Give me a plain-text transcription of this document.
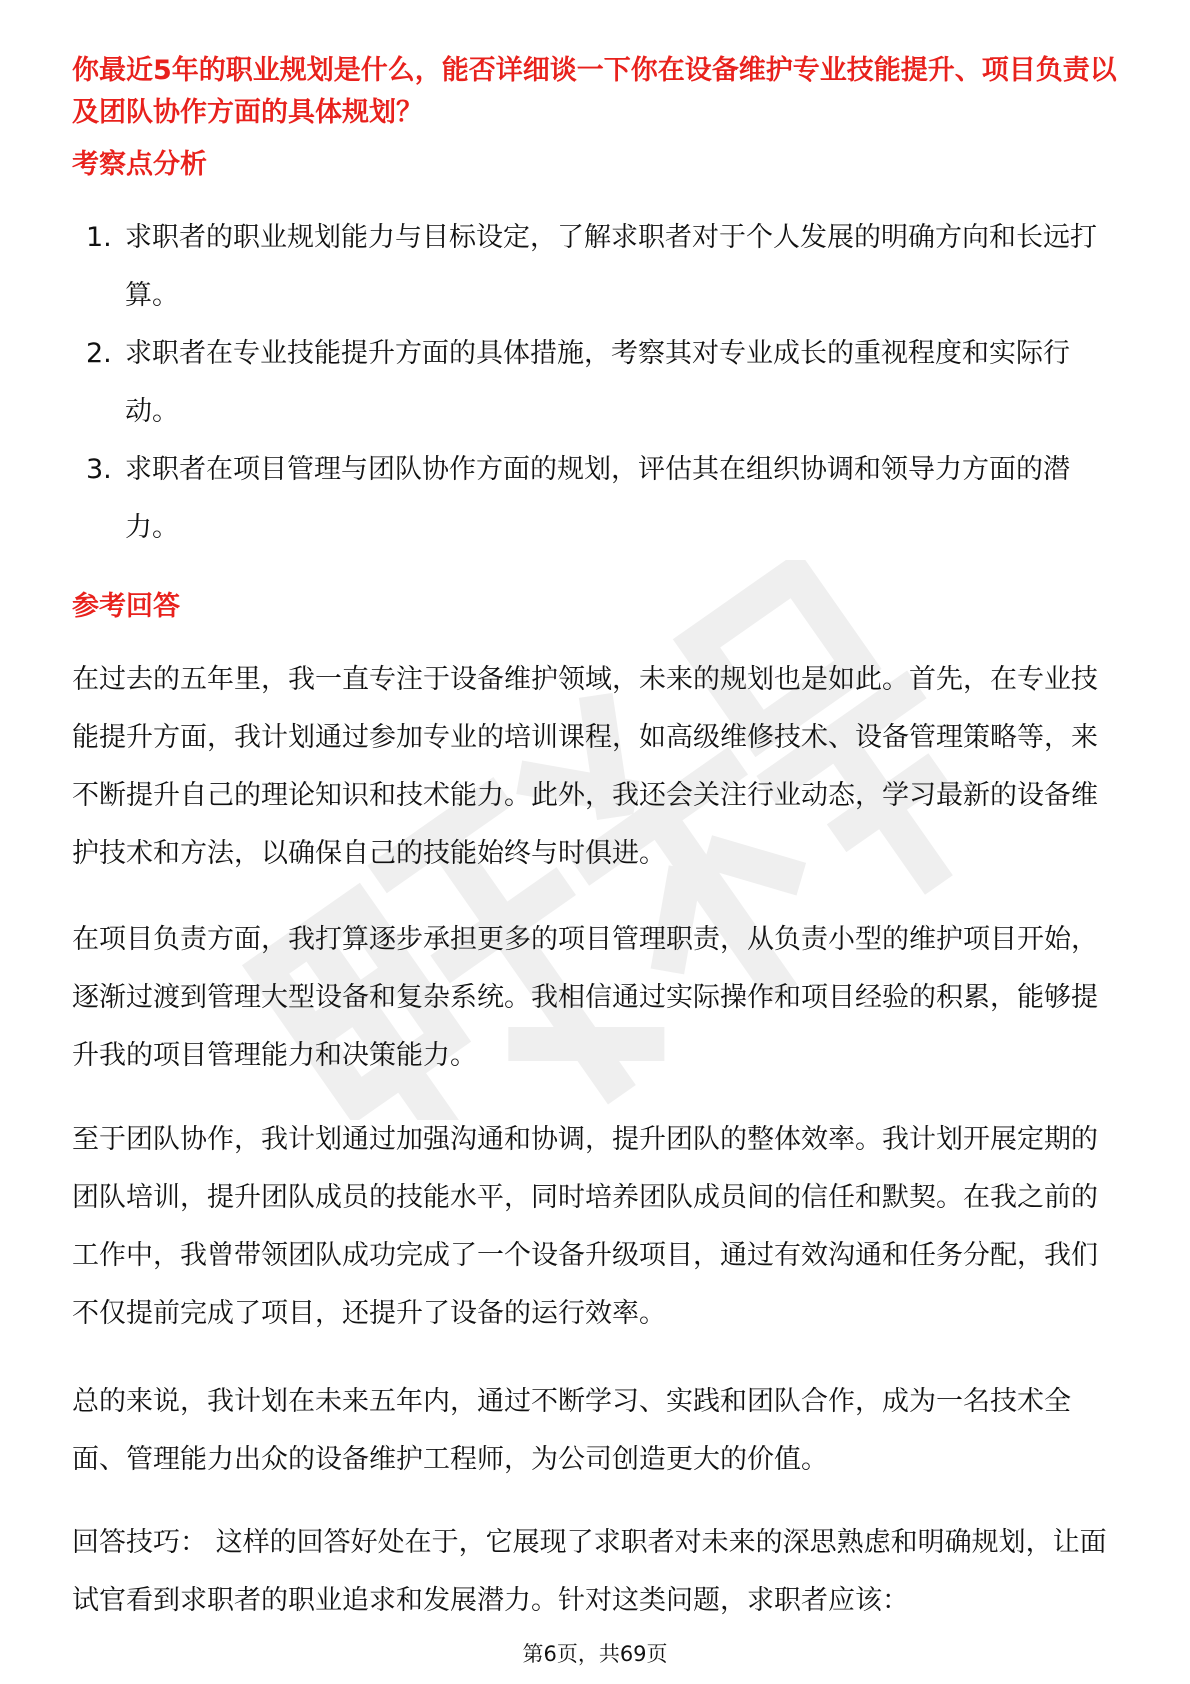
你最近5年的职业规划是什么，能否详细谈一下你在设备维护专业技能提升、项目负责以及团队协作方面的具体规划？

考察点分析
1. 求职者的职业规划能力与目标设定，了解求职者对于个人发展的明确方向和长远打算。
2. 求职者在专业技能提升方面的具体措施，考察其对专业成长的重视程度和实际行动。
3. 求职者在项目管理与团队协作方面的规划，评估其在组织协调和领导力方面的潜力。
参考回答

在过去的五年里，我一直专注于设备维护领域，未来的规划也是如此。首先，在专业技能提升方面，我计划通过参加专业的培训课程，如高级维修技术、设备管理策略等，来不断提升自己的理论知识和技术能力。此外，我还会关注行业动态，学习最新的设备维护技术和方法，以确保自己的技能始终与时俱进。

在项目负责方面，我打算逐步承担更多的项目管理职责，从负责小型的维护项目开始，逐渐过渡到管理大型设备和复杂系统。我相信通过实际操作和项目经验的积累，能够提升我的项目管理能力和决策能力。

至于团队协作，我计划通过加强沟通和协调，提升团队的整体效率。我计划开展定期的团队培训，提升团队成员的技能水平，同时培养团队成员间的信任和默契。在我之前的工作中，我曾带领团队成功完成了一个设备升级项目，通过有效沟通和任务分配，我们不仅提前完成了项目，还提升了设备的运行效率。

总的来说，我计划在未来五年内，通过不断学习、实践和团队合作，成为一名技术全面、管理能力出众的设备维护工程师，为公司创造更大的价值。

回答技巧： 这样的回答好处在于，它展现了求职者对未来的深思熟虑和明确规划，让面试官看到求职者的职业追求和发展潜力。针对这类问题，求职者应该：

第6页，共69页
